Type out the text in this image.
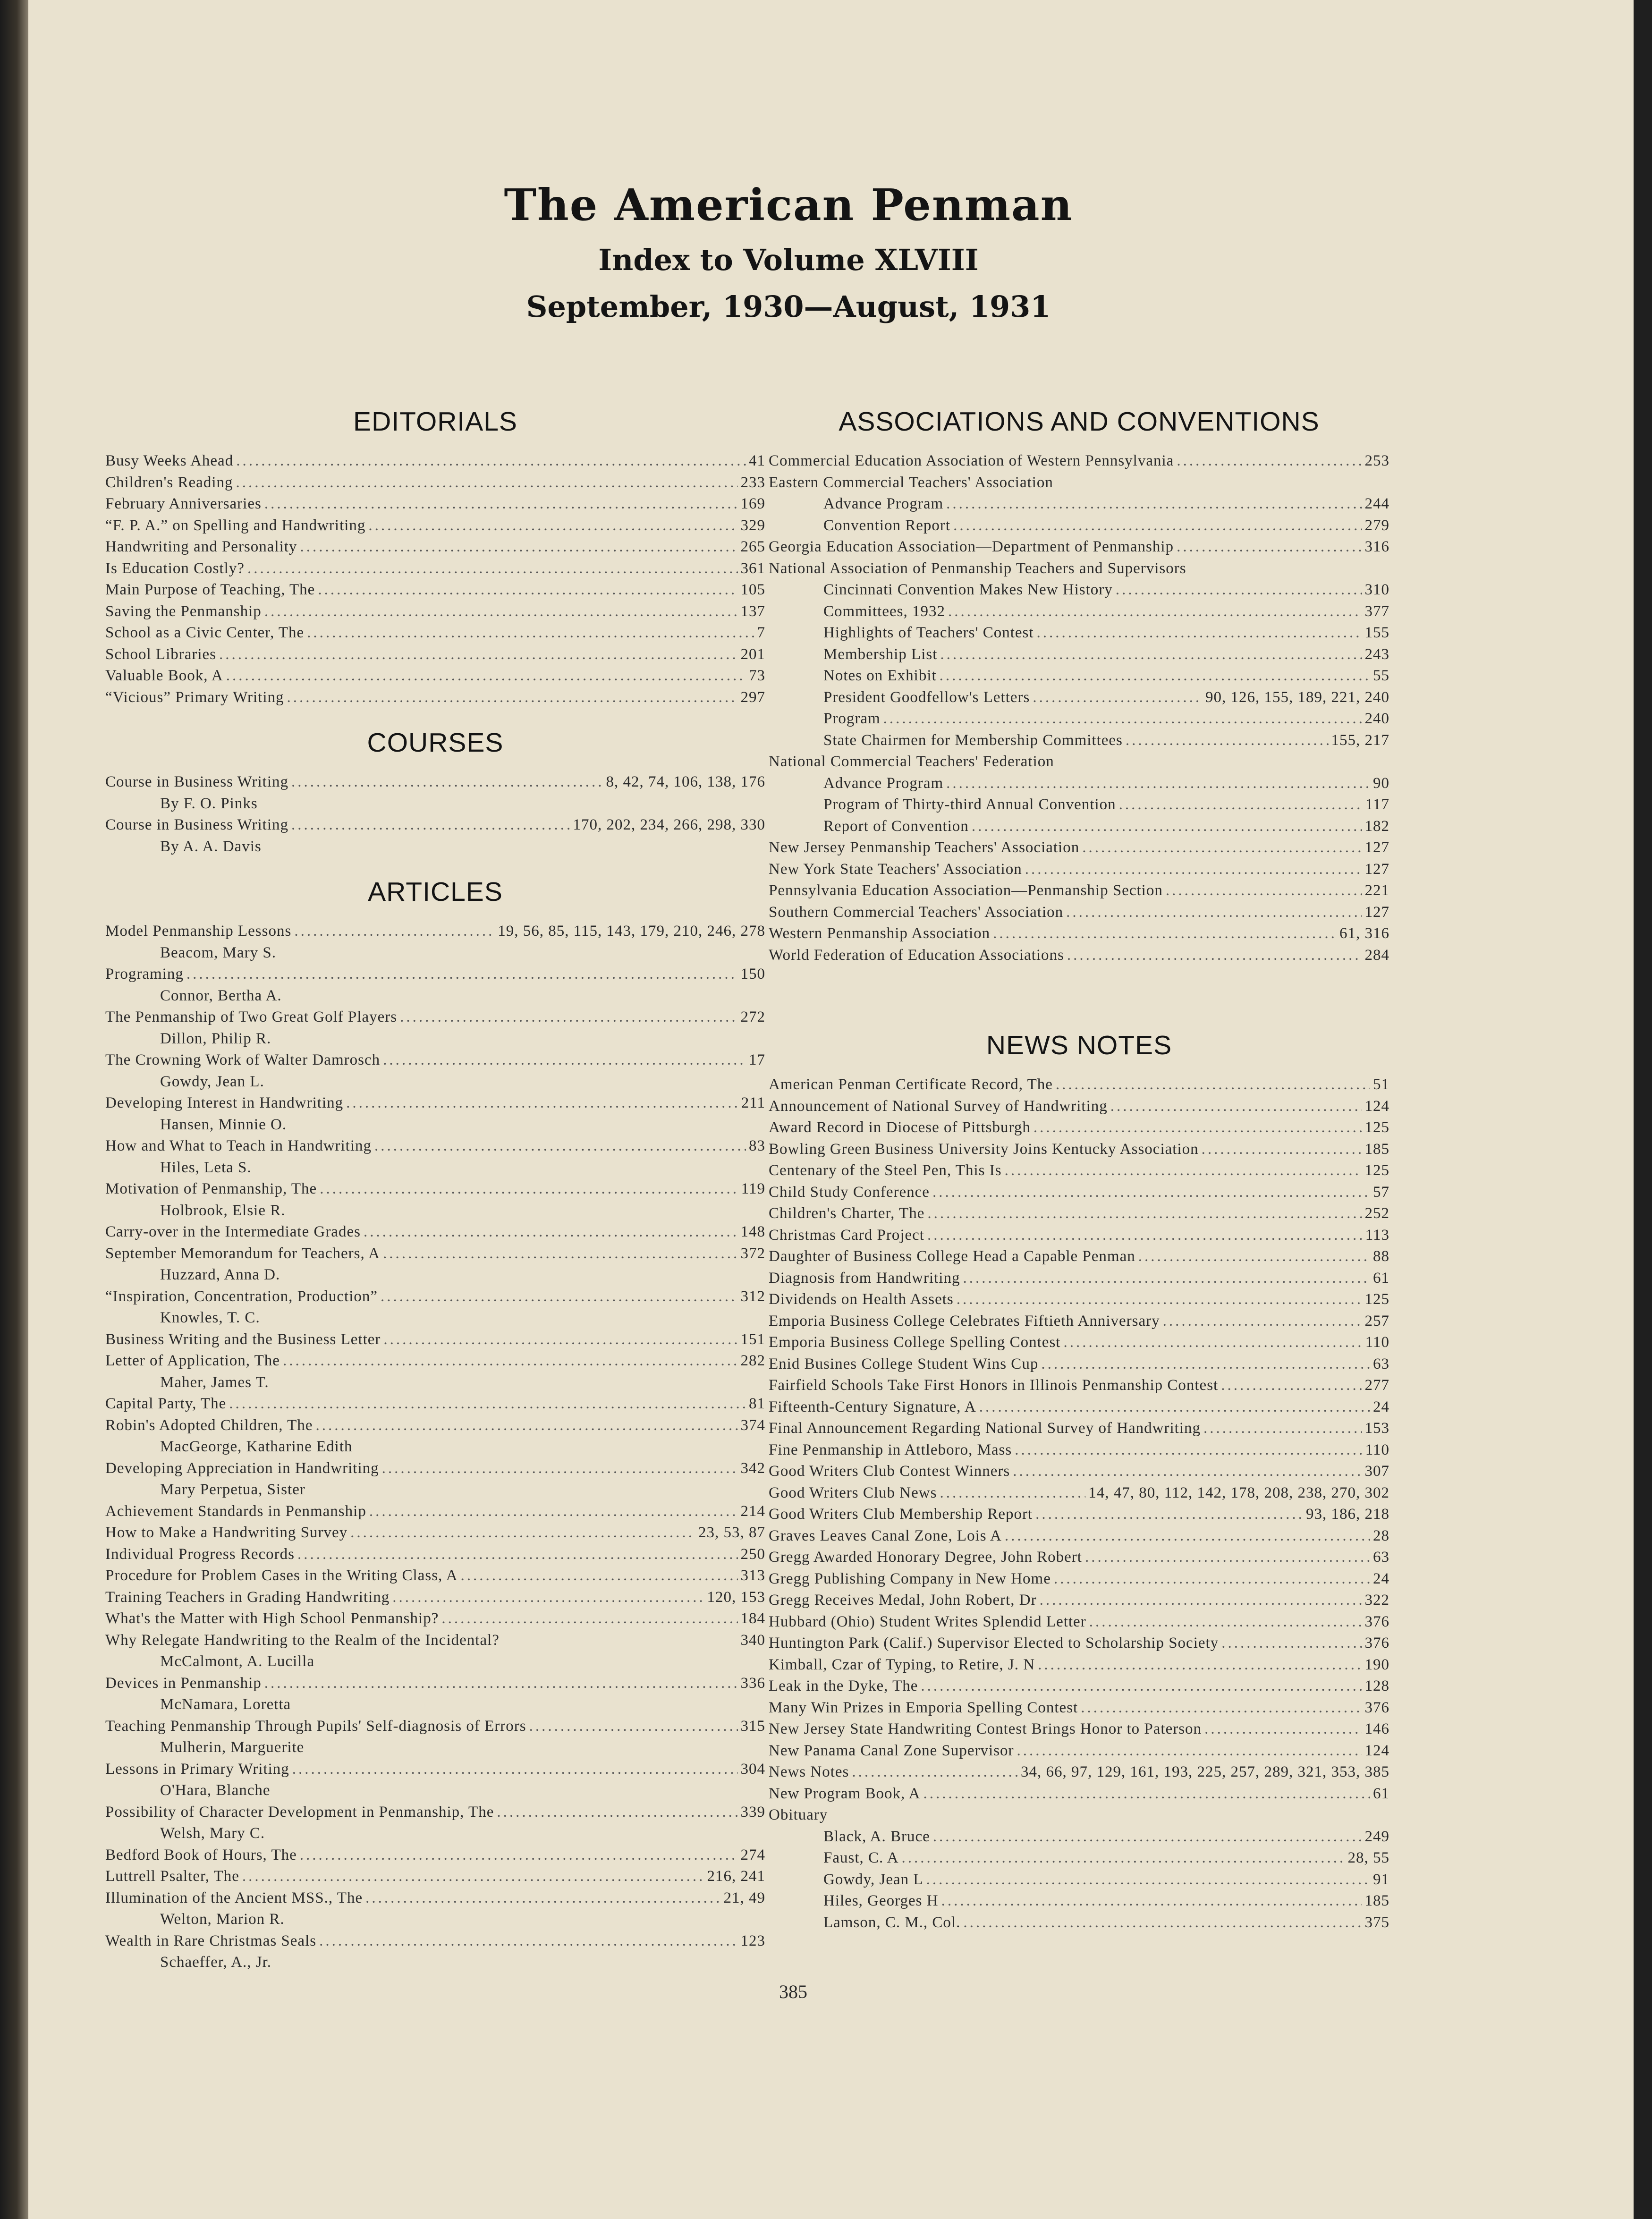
The American Penman
Index to Volume XLVIII
September, 1930—August, 1931
EDITORIALS
Busy Weeks Ahead .....	41
Children's Reading .....	233
February Anniversaries .....	169
“F. P. A.” on Spelling and Handwriting .....	329
Handwriting and Personality .....	265
Is Education Costly? .....	361
Main Purpose of Teaching, The .....	105
Saving the Penmanship .....	137
School as a Civic Center, The .....	7
School Libraries .....	201
Valuable Book, A .....	73
“Vicious” Primary Writing .....	297
COURSES
Course in Business Writing .....	8, 42, 74, 106, 138, 176
By F. O. Pinks
Course in Business Writing .....	170, 202, 234, 266, 298, 330
By A. A. Davis
ARTICLES
Model Penmanship Lessons .....	19, 56, 85, 115, 143, 179, 210, 246, 278
Beacom, Mary S.
Programing .....	150
Connor, Bertha A.
The Penmanship of Two Great Golf Players .....	272
Dillon, Philip R.
The Crowning Work of Walter Damrosch .....	17
Gowdy, Jean L.
Developing Interest in Handwriting .....	211
Hansen, Minnie O.
How and What to Teach in Handwriting .....	83
Hiles, Leta S.
Motivation of Penmanship, The .....	119
Holbrook, Elsie R.
Carry-over in the Intermediate Grades .....	148
September Memorandum for Teachers, A .....	372
Huzzard, Anna D.
“Inspiration, Concentration, Production” .....	312
Knowles, T. C.
Business Writing and the Business Letter .....	151
Letter of Application, The .....	282
Maher, James T.
Capital Party, The .....	81
Robin's Adopted Children, The .....	374
MacGeorge, Katharine Edith
Developing Appreciation in Handwriting .....	342
Mary Perpetua, Sister
Achievement Standards in Penmanship .....	214
How to Make a Handwriting Survey .....	23, 53, 87
Individual Progress Records .....	250
Procedure for Problem Cases in the Writing Class, A .....	313
Training Teachers in Grading Handwriting .....	120, 153
What's the Matter with High School Penmanship? .....	184
Why Relegate Handwriting to the Realm of the Incidental?	340
McCalmont, A. Lucilla
Devices in Penmanship .....	336
McNamara, Loretta
Teaching Penmanship Through Pupils' Self-diagnosis of Errors .....	315
Mulherin, Marguerite
Lessons in Primary Writing .....	304
O'Hara, Blanche
Possibility of Character Development in Penmanship, The .....	339
Welsh, Mary C.
Bedford Book of Hours, The .....	274
Luttrell Psalter, The .....	216, 241
Illumination of the Ancient MSS., The .....	21, 49
Welton, Marion R.
Wealth in Rare Christmas Seals .....	123
Schaeffer, A., Jr.
ASSOCIATIONS AND CONVENTIONS
Commercial Education Association of Western Pennsylvania .....	253
Eastern Commercial Teachers' Association
Advance Program .....	244
Convention Report .....	279
Georgia Education Association—Department of Penmanship .....	316
National Association of Penmanship Teachers and Supervisors
Cincinnati Convention Makes New History .....	310
Committees, 1932 .....	377
Highlights of Teachers' Contest .....	155
Membership List .....	243
Notes on Exhibit .....	55
President Goodfellow's Letters .....	90, 126, 155, 189, 221, 240
Program .....	240
State Chairmen for Membership Committees .....	155, 217
National Commercial Teachers' Federation
Advance Program .....	90
Program of Thirty-third Annual Convention .....	117
Report of Convention .....	182
New Jersey Penmanship Teachers' Association .....	127
New York State Teachers' Association .....	127
Pennsylvania Education Association—Penmanship Section .....	221
Southern Commercial Teachers' Association .....	127
Western Penmanship Association .....	61, 316
World Federation of Education Associations .....	284
NEWS NOTES
American Penman Certificate Record, The .....	51
Announcement of National Survey of Handwriting .....	124
Award Record in Diocese of Pittsburgh .....	125
Bowling Green Business University Joins Kentucky Association .....	185
Centenary of the Steel Pen, This Is .....	125
Child Study Conference .....	57
Children's Charter, The .....	252
Christmas Card Project .....	113
Daughter of Business College Head a Capable Penman .....	88
Diagnosis from Handwriting .....	61
Dividends on Health Assets .....	125
Emporia Business College Celebrates Fiftieth Anniversary .....	257
Emporia Business College Spelling Contest .....	110
Enid Busines College Student Wins Cup .....	63
Fairfield Schools Take First Honors in Illinois Penmanship Contest .....	277
Fifteenth-Century Signature, A .....	24
Final Announcement Regarding National Survey of Handwriting .....	153
Fine Penmanship in Attleboro, Mass .....	110
Good Writers Club Contest Winners .....	307
Good Writers Club News .....	14, 47, 80, 112, 142, 178, 208, 238, 270, 302
Good Writers Club Membership Report .....	93, 186, 218
Graves Leaves Canal Zone, Lois A .....	28
Gregg Awarded Honorary Degree, John Robert .....	63
Gregg Publishing Company in New Home .....	24
Gregg Receives Medal, John Robert, Dr .....	322
Hubbard (Ohio) Student Writes Splendid Letter .....	376
Huntington Park (Calif.) Supervisor Elected to Scholarship Society .....	376
Kimball, Czar of Typing, to Retire, J. N .....	190
Leak in the Dyke, The .....	128
Many Win Prizes in Emporia Spelling Contest .....	376
New Jersey State Handwriting Contest Brings Honor to Paterson .....	146
New Panama Canal Zone Supervisor .....	124
News Notes .....	34, 66, 97, 129, 161, 193, 225, 257, 289, 321, 353, 385
New Program Book, A .....	61
Obituary
Black, A. Bruce .....	249
Faust, C. A .....	28, 55
Gowdy, Jean L .....	91
Hiles, Georges H .....	185
Lamson, C. M., Col. .....	375
385
